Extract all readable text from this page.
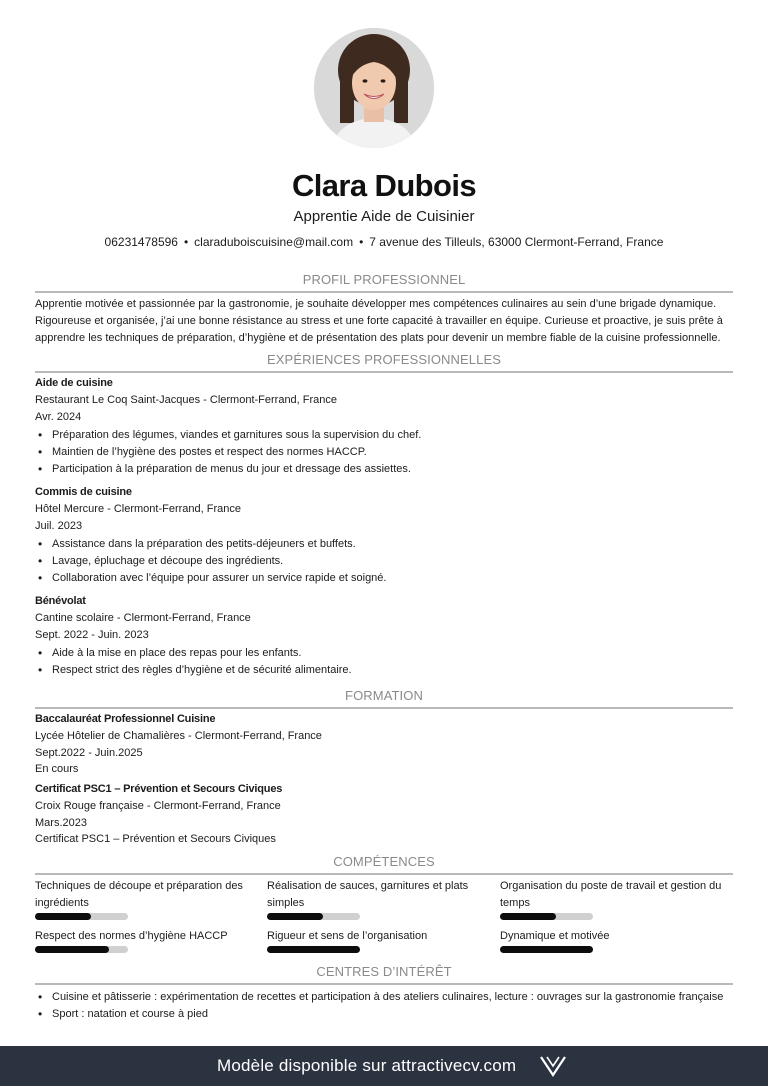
Clara Dubois
Apprentie Aide de Cuisinier
06231478596 • claraduboiscuisine@mail.com • 7 avenue des Tilleuls, 63000 Clermont-Ferrand, France
PROFIL PROFESSIONNEL
Apprentie motivée et passionnée par la gastronomie, je souhaite développer mes compétences culinaires au sein d’une brigade dynamique. Rigoureuse et organisée, j’ai une bonne résistance au stress et une forte capacité à travailler en équipe. Curieuse et proactive, je suis prête à apprendre les techniques de préparation, d’hygiène et de présentation des plats pour devenir un membre fiable de la cuisine professionnelle.
EXPÉRIENCES PROFESSIONNELLES
Aide de cuisine
Restaurant Le Coq Saint-Jacques - Clermont-Ferrand, France
Avr. 2024
• Préparation des légumes, viandes et garnitures sous la supervision du chef.
• Maintien de l’hygiène des postes et respect des normes HACCP.
• Participation à la préparation de menus du jour et dressage des assiettes.
Commis de cuisine
Hôtel Mercure - Clermont-Ferrand, France
Juil. 2023
• Assistance dans la préparation des petits-déjeuners et buffets.
• Lavage, épluchage et découpe des ingrédients.
• Collaboration avec l’équipe pour assurer un service rapide et soigné.
Bénévolat
Cantine scolaire - Clermont-Ferrand, France
Sept. 2022 - Juin. 2023
• Aide à la mise en place des repas pour les enfants.
• Respect strict des règles d’hygiène et de sécurité alimentaire.
FORMATION
Baccalauréat Professionnel Cuisine
Lycée Hôtelier de Chamalières - Clermont-Ferrand, France
Sept.2022 - Juin.2025
En cours
Certificat PSC1 – Prévention et Secours Civiques
Croix Rouge française - Clermont-Ferrand, France
Mars.2023
Certificat PSC1 – Prévention et Secours Civiques
COMPÉTENCES
Techniques de découpe et préparation des ingrédients
Réalisation de sauces, garnitures et plats simples
Organisation du poste de travail et gestion du temps
Respect des normes d’hygiène HACCP	Rigueur et sens de l’organisation	Dynamique et motivée
CENTRES D’INTÉRÊT
• Cuisine et pâtisserie : expérimentation de recettes et participation à des ateliers culinaires, lecture : ouvrages sur la gastronomie française
• Sport : natation et course à pied
Modèle disponible sur attractivecv.com
